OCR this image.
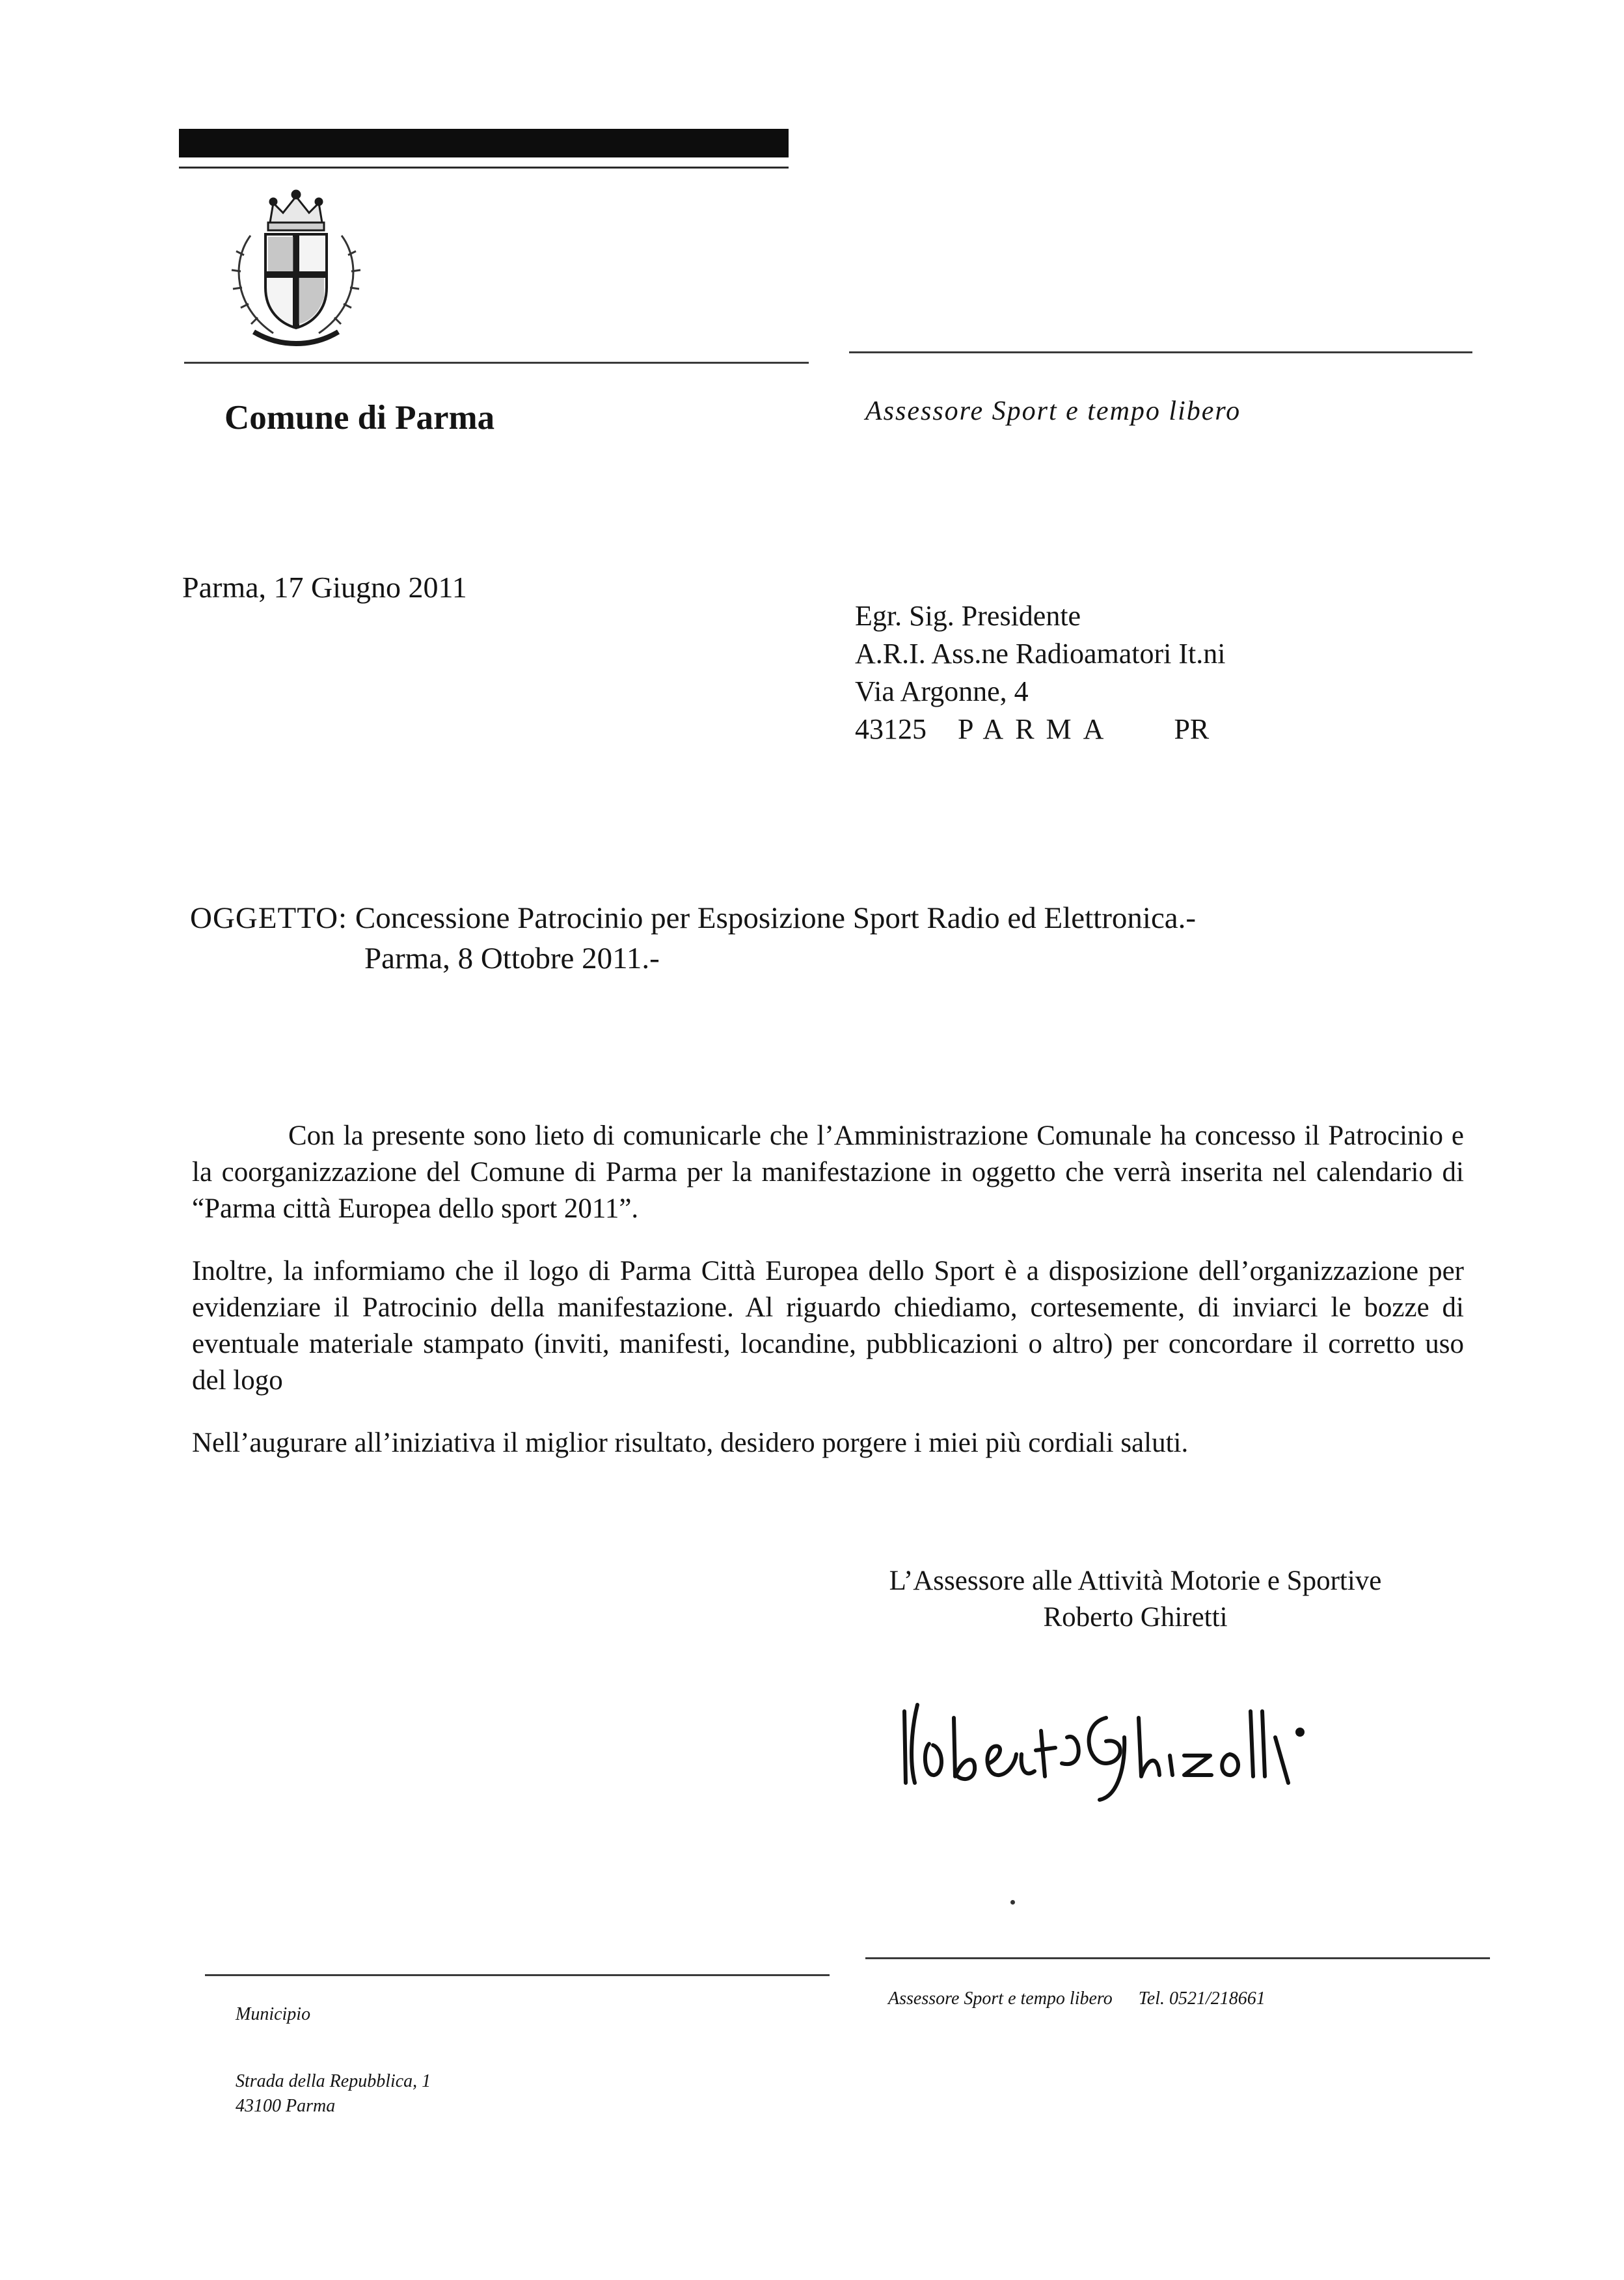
Comune di Parma	Assessore Sport e tempo libero
Parma, 17 Giugno 2011
Egr. Sig. Presidente
A.R.I. Ass.ne Radioamatori It.ni
Via Argonne, 4
43125 PARMA PR
OGGETTO: Concessione Patrocinio per Esposizione Sport Radio ed Elettronica.-
Parma, 8 Ottobre 2011.-

Con la presente sono lieto di comunicarle che l’Amministrazione Comunale ha concesso il Patrocinio e la coorganizzazione del Comune di Parma per la manifestazione in oggetto che verrà inserita nel calendario di “Parma città Europea dello sport 2011”.

Inoltre, la informiamo che il logo di Parma Città Europea dello Sport è a disposizione dell’organizzazione per evidenziare il Patrocinio della manifestazione. Al riguardo chiediamo, cortesemente, di inviarci le bozze di eventuale materiale stampato (inviti, manifesti, locandine, pubblicazioni o altro) per concordare il corretto uso del logo

Nell’augurare all’iniziativa il miglior risultato, desidero porgere i miei più cordiali saluti.

L’Assessore alle Attività Motorie e Sportive
Roberto Ghiretti
Municipio
Assessore Sport e tempo libero Tel. 0521/218661
Strada della Repubblica, 1
43100 Parma
